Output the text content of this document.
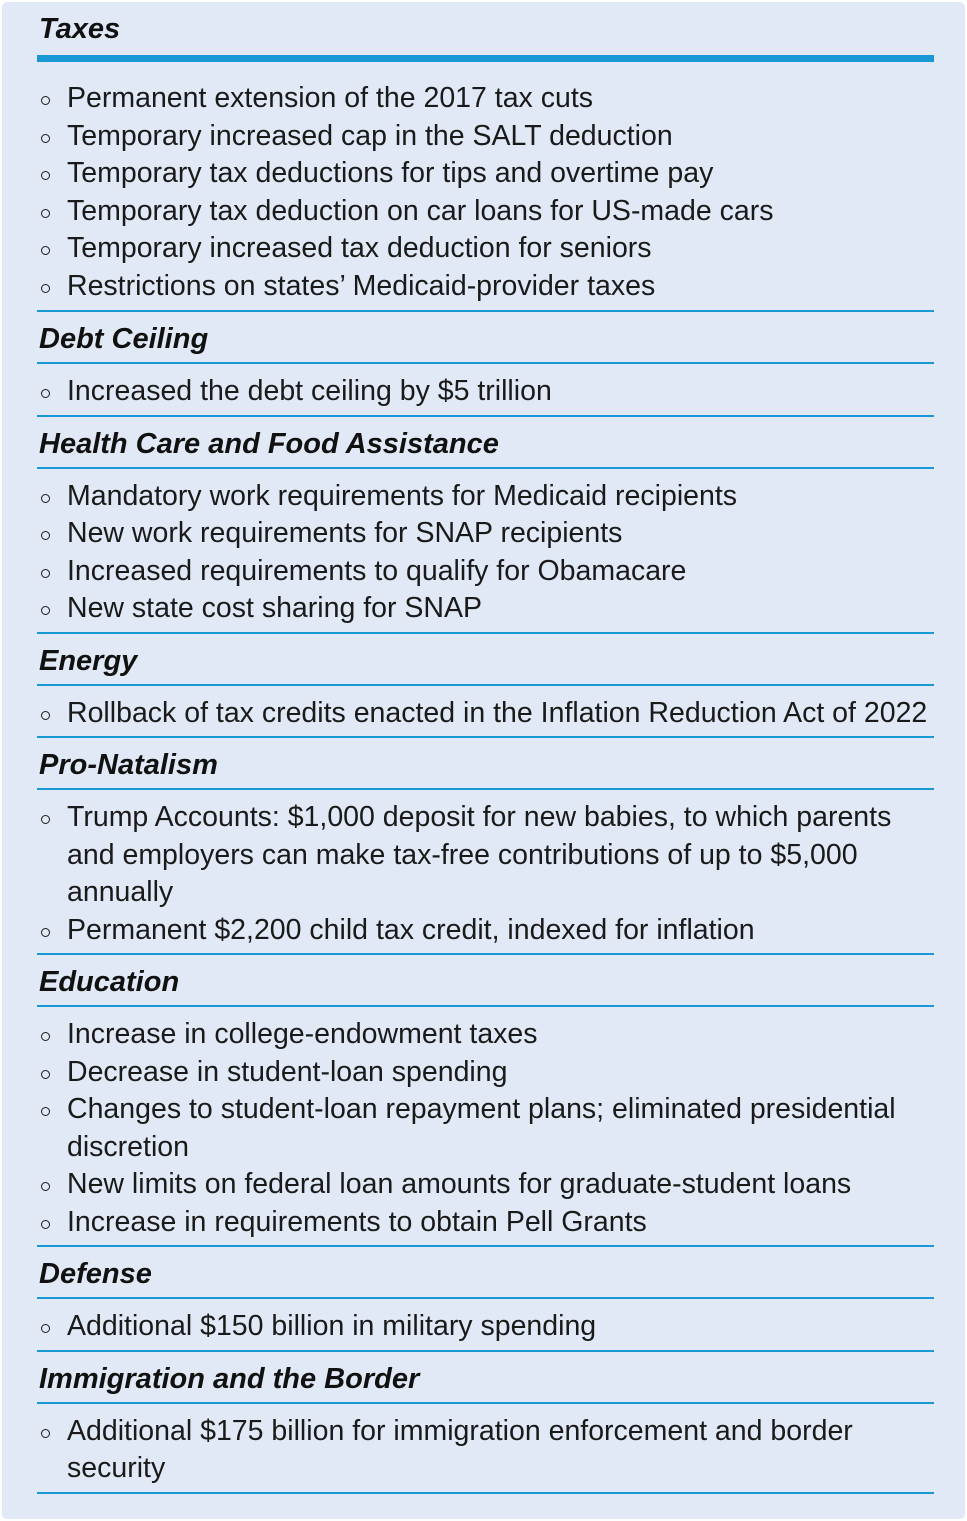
Taxes
Permanent extension of the 2017 tax cuts
Temporary increased cap in the SALT deduction
Temporary tax deductions for tips and overtime pay
Temporary tax deduction on car loans for US-made cars
Temporary increased tax deduction for seniors
Restrictions on states’ Medicaid-provider taxes
Debt Ceiling
Increased the debt ceiling by $5 trillion
Health Care and Food Assistance
Mandatory work requirements for Medicaid recipients
New work requirements for SNAP recipients
Increased requirements to qualify for Obamacare
New state cost sharing for SNAP
Energy
Rollback of tax credits enacted in the Inflation Reduction Act of 2022
Pro-Natalism
Trump Accounts: $1,000 deposit for new babies, to which parents and employers can make tax-free contributions of up to $5,000 annually
Permanent $2,200 child tax credit, indexed for inflation
Education
Increase in college-endowment taxes
Decrease in student-loan spending
Changes to student-loan repayment plans; eliminated presidential discretion
New limits on federal loan amounts for graduate-student loans
Increase in requirements to obtain Pell Grants
Defense
Additional $150 billion in military spending
Immigration and the Border
Additional $175 billion for immigration enforcement and border security
